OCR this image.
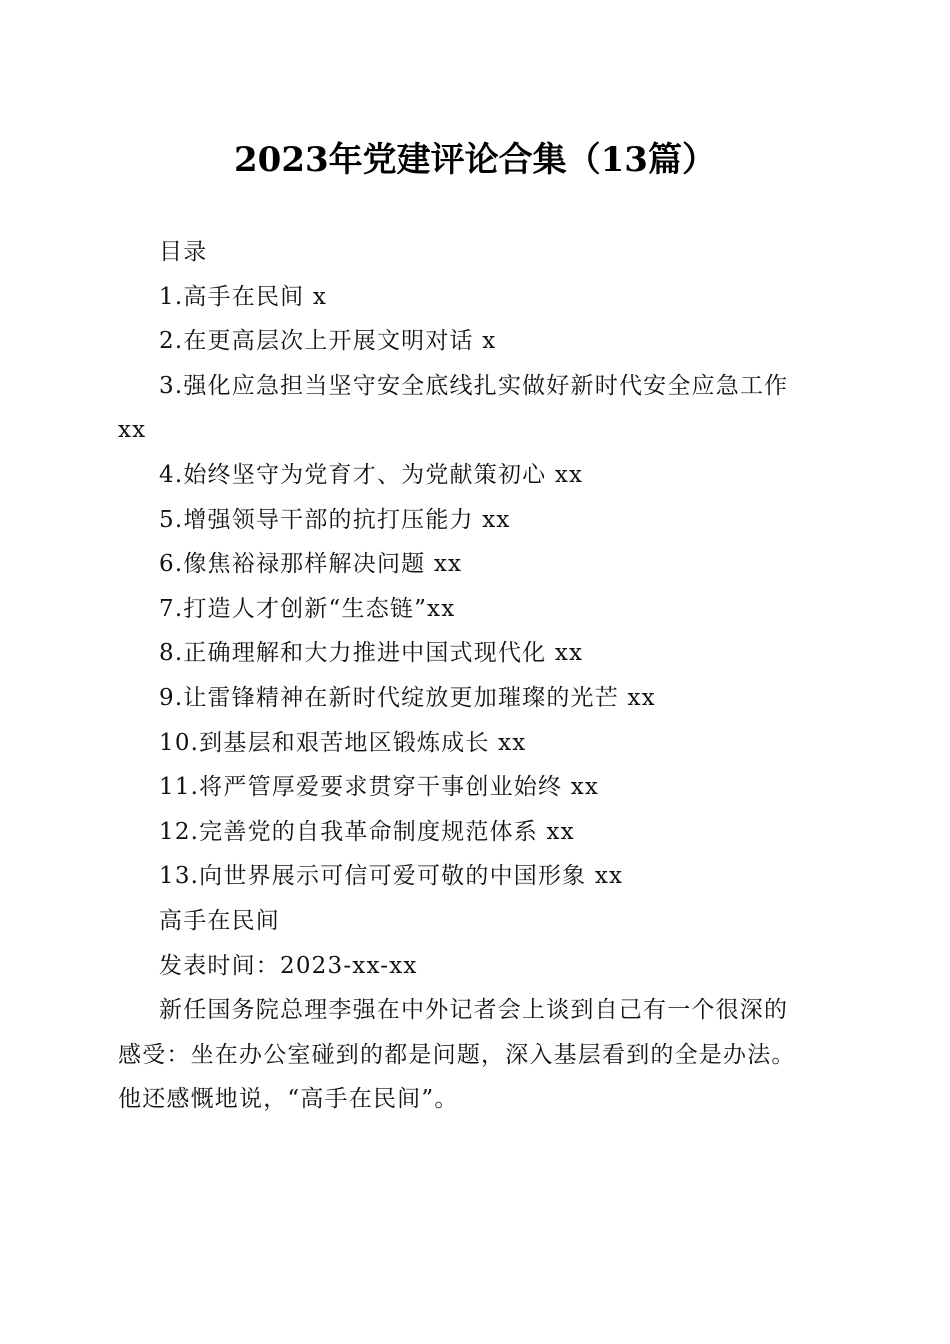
2023年党建评论合集（13篇）
目录
1.高手在民间 x
2.在更高层次上开展文明对话 x
3.强化应急担当坚守安全底线扎实做好新时代安全应急工作
xx
4.始终坚守为党育才、为党献策初心 xx
5.增强领导干部的抗打压能力 xx
6.像焦裕禄那样解决问题 xx
7.打造人才创新“生态链”xx
8.正确理解和大力推进中国式现代化 xx
9.让雷锋精神在新时代绽放更加璀璨的光芒 xx
10.到基层和艰苦地区锻炼成长 xx
11.将严管厚爱要求贯穿干事创业始终 xx
12.完善党的自我革命制度规范体系 xx
13.向世界展示可信可爱可敬的中国形象 xx
高手在民间
发表时间：2023-xx-xx
新任国务院总理李强在中外记者会上谈到自己有一个很深的
感受：坐在办公室碰到的都是问题，深入基层看到的全是办法。
他还感慨地说，“高手在民间”。
